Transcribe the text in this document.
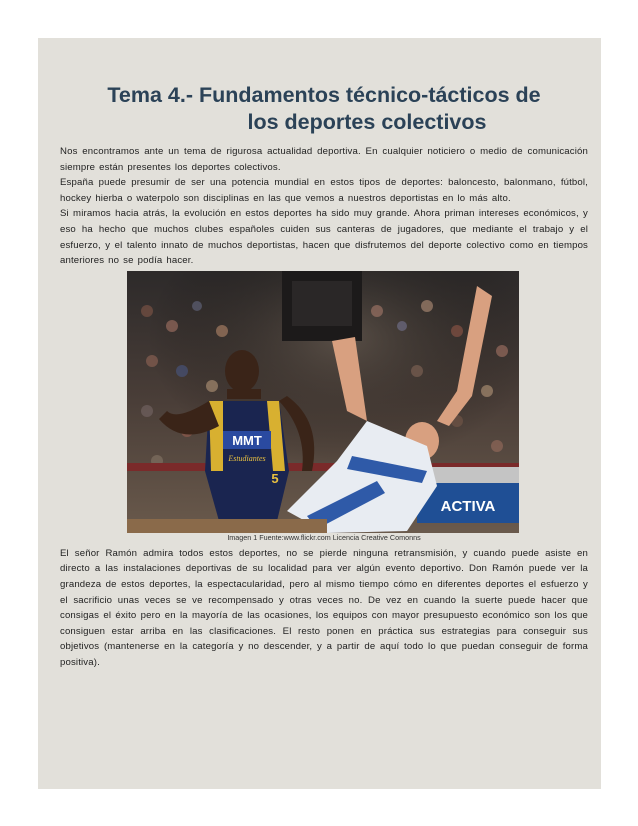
Tema 4.- Fundamentos técnico-tácticos de
los deportes colectivos

Nos encontramos ante un tema de rigurosa actualidad deportiva. En cualquier noticiero o medio de comunicación siempre están presentes los deportes colectivos.

España puede presumir de ser una potencia mundial en estos tipos de deportes: baloncesto, balonmano, fútbol, hockey hierba o waterpolo son disciplinas en las que vemos a nuestros deportistas en lo más alto.

Si miramos hacia atrás, la evolución en estos deportes ha sido muy grande. Ahora priman intereses económicos, y eso ha hecho que muchos clubes españoles cuiden sus canteras de jugadores, que mediante el trabajo y el esfuerzo, y el talento innato de muchos deportistas, hacen que disfrutemos del deporte colectivo como en tiempos anteriores no se podía hacer.

ACTIVA
MMT
Estudiantes
5
Imagen 1 Fuente:www.flickr.com Licencia Creative Comonns

El señor Ramón admira todos estos deportes, no se pierde ninguna retransmisión, y cuando puede asiste en directo a las instalaciones deportivas de su localidad para ver algún evento deportivo. Don Ramón puede ver la grandeza de estos deportes, la espectacularidad, pero al mismo tiempo cómo en diferentes deportes el esfuerzo y el sacrificio unas veces se ve recompensado y otras veces no. De vez en cuando la suerte puede hacer que consigas el éxito pero en la mayoría de las ocasiones, los equipos con mayor presupuesto económico son los que consiguen estar arriba en las clasificaciones. El resto ponen en práctica sus estrategias para conseguir sus objetivos (mantenerse en la categoría y no descender, y a partir de aquí todo lo que puedan conseguir de forma positiva).
